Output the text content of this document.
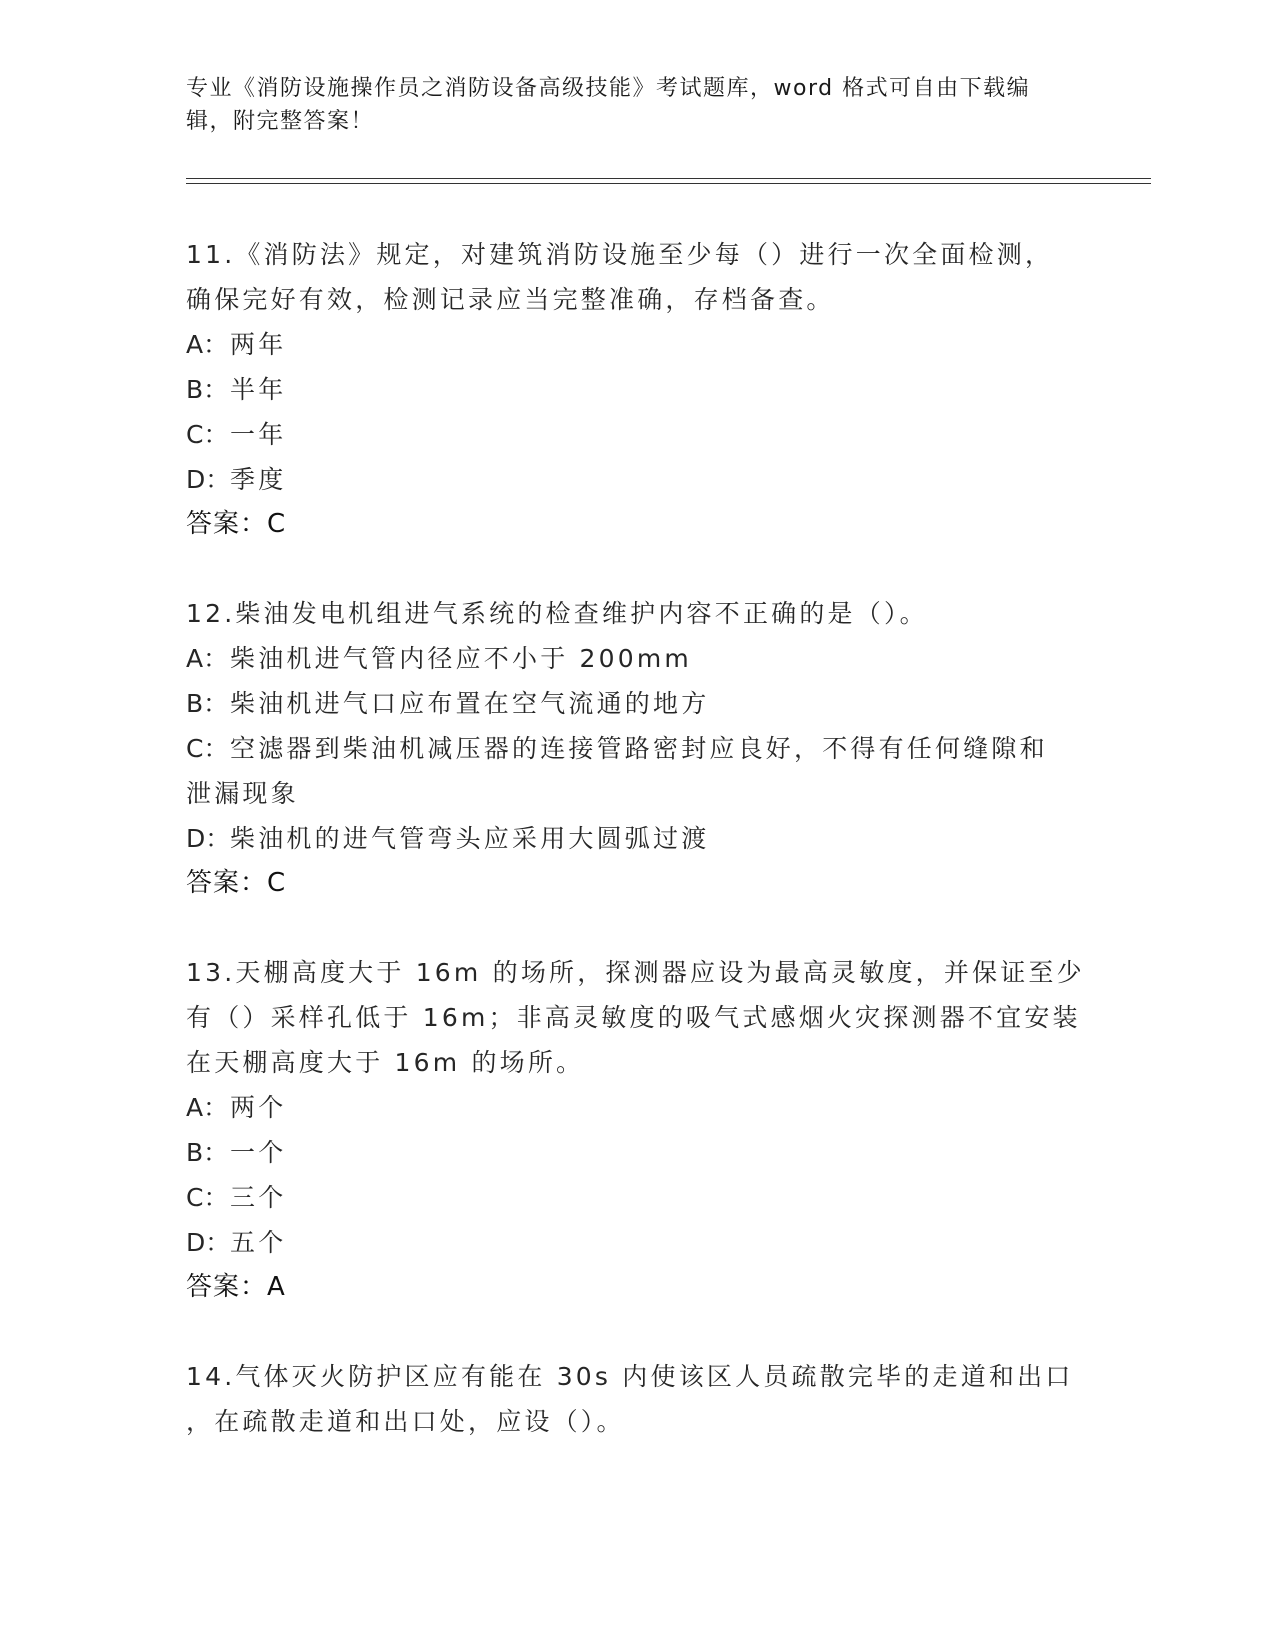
专业《消防设施操作员之消防设备高级技能》考试题库，word 格式可自由下载编
辑，附完整答案！
11.《消防法》规定，对建筑消防设施至少每（）进行一次全面检测，
确保完好有效，检测记录应当完整准确，存档备查。
A：两年
B：半年
C：一年
D：季度
答案：C
12.柴油发电机组进气系统的检查维护内容不正确的是（）。
A：柴油机进气管内径应不小于 200mm
B：柴油机进气口应布置在空气流通的地方
C：空滤器到柴油机减压器的连接管路密封应良好，不得有任何缝隙和
泄漏现象
D：柴油机的进气管弯头应采用大圆弧过渡
答案：C
13.天棚高度大于 16m 的场所，探测器应设为最高灵敏度，并保证至少
有（）采样孔低于 16m；非高灵敏度的吸气式感烟火灾探测器不宜安装
在天棚高度大于 16m 的场所。
A：两个
B：一个
C：三个
D：五个
答案：A
14.气体灭火防护区应有能在 30s 内使该区人员疏散完毕的走道和出口
，在疏散走道和出口处，应设（）。
